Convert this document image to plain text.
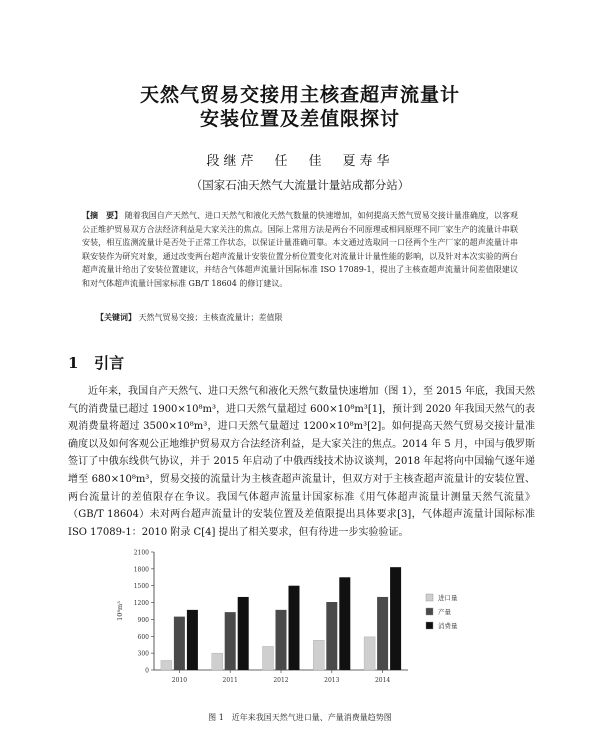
天然气贸易交接用主核查超声流量计
安装位置及差值限探讨
段继芹　任　佳　夏寿华
（国家石油天然气大流量计量站成都分站）
【摘　要】 随着我国自产天然气、进口天然气和液化天然气数量的快速增加，如何提高天然气贸易交接计量准确度，以客观公正维护贸易双方合法经济利益是大家关注的焦点。国际上常用方法是两台不同原理或相同原理不同厂家生产的流量计串联安装，相互监测流量计是否处于正常工作状态，以保证计量准确可靠。本文通过选取同一口径两个生产厂家的超声流量计串联安装作为研究对象，通过改变两台超声流量计安装位置分析位置变化对流量计计量性能的影响，以及针对本次实验的两台超声流量计给出了安装位置建议，并结合气体超声流量计国际标准 ISO 17089-1，提出了主核查超声流量计间差值限建议和对气体超声流量计国家标准 GB/T 18604 的修订建议。
【关键词】 天然气贸易交接；主核查流量计；差值限
1 引言
近年来，我国自产天然气、进口天然气和液化天然气数量快速增加（图 1），至 2015 年底，我国天然气的消费量已超过 1900×10⁸m³，进口天然气量超过 600×10⁸m³[1]，预计到 2020 年我国天然气的表观消费量将超过 3500×10⁸m³，进口天然气量超过 1200×10⁸m³[2]。如何提高天然气贸易交接计量准确度以及如何客观公正地维护贸易双方合法经济利益，是大家关注的焦点。2014 年 5 月，中国与俄罗斯签订了中俄东线供气协议，并于 2015 年启动了中俄西线技术协议谈判，2018 年起将向中国输气逐年递增至 680×10⁸m³，贸易交接的流量计为主核查超声流量计，但双方对于主核查超声流量计的安装位置、两台流量计的差值限存在争议。我国气体超声流量计国家标准《用气体超声流量计测量天然气流量》（GB/T 18604）未对两台超声流量计的安装位置及差值限提出具体要求[3]，气体超声流量计国际标准 ISO 17089-1：2010 附录 C[4] 提出了相关要求，但有待进一步实验验证。
0
300
600
900
1200
1500
1800
2100
10⁸m³
2010	2011	2012	2013	2014
进口量
产量
消费量
图 1　近年来我国天然气进口量、产量消费量趋势图
